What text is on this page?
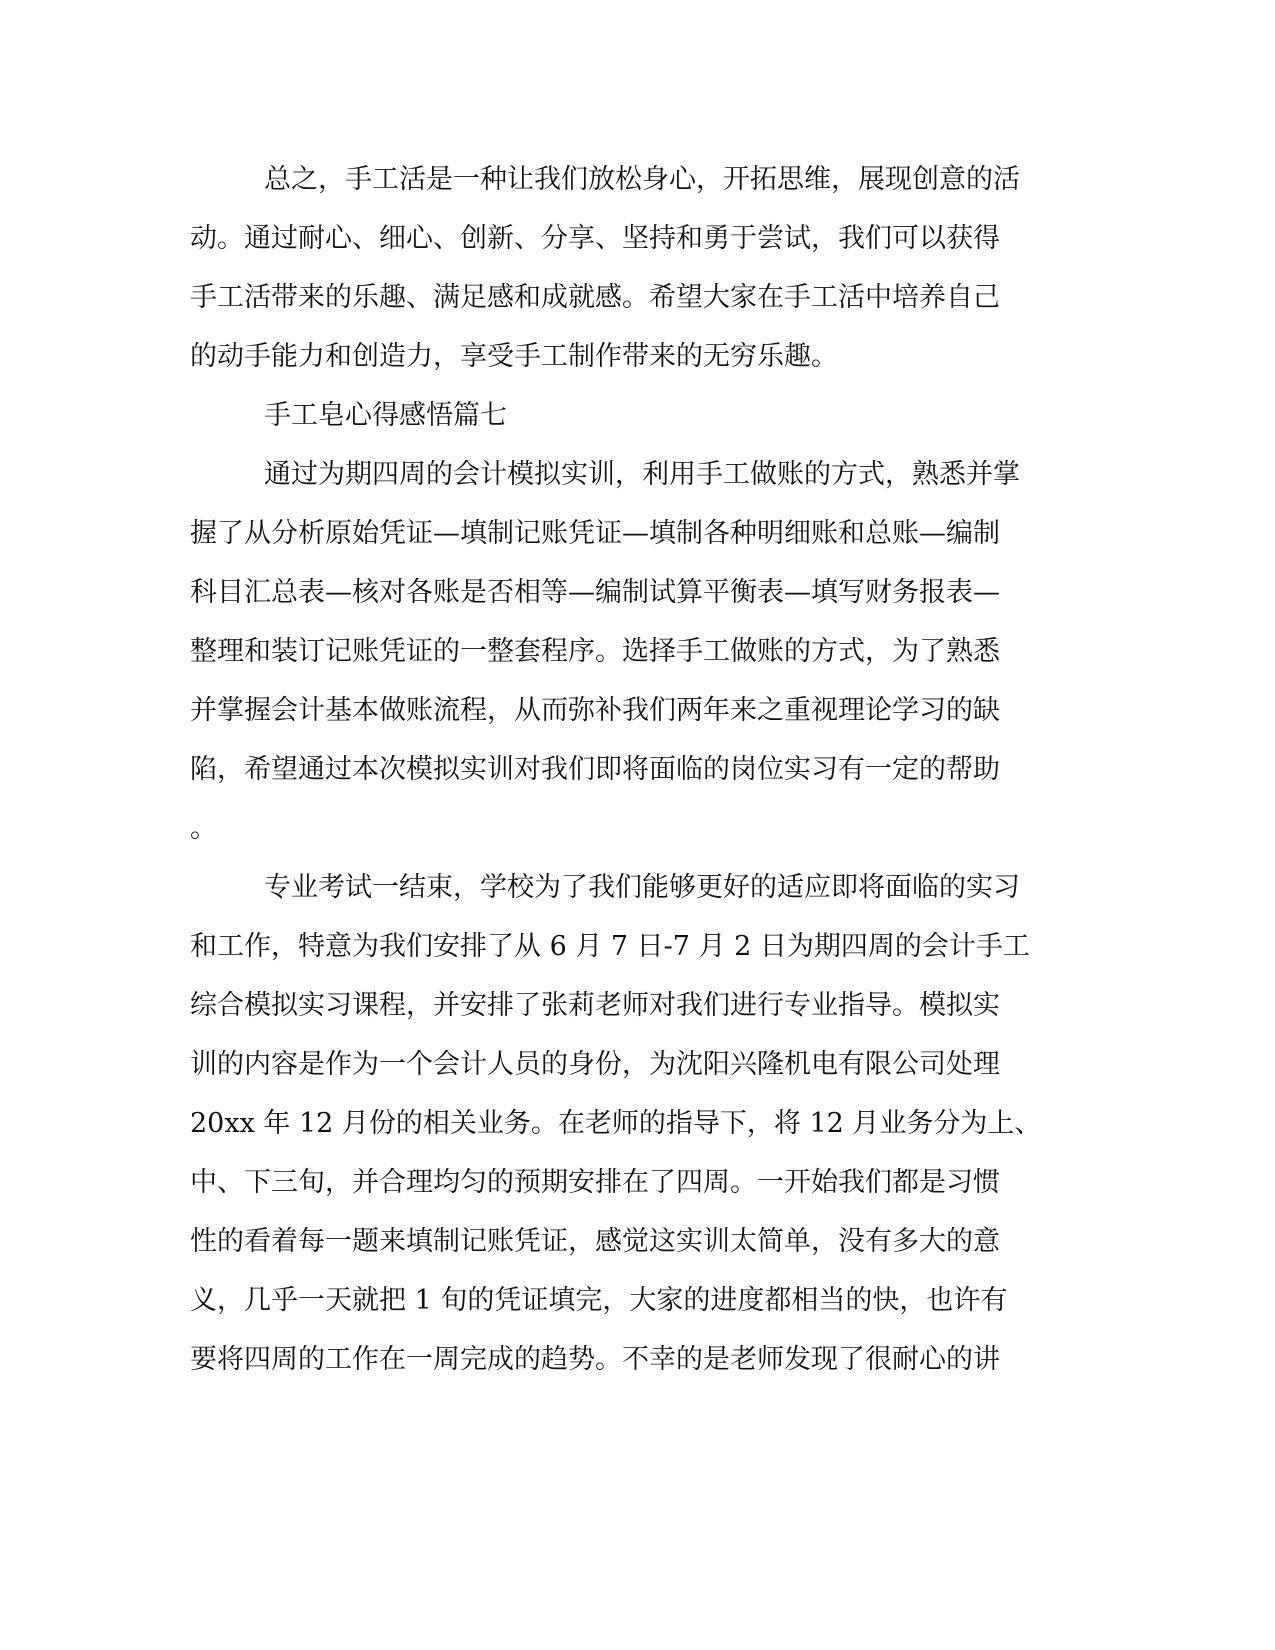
总之，手工活是一种让我们放松身心，开拓思维，展现创意的活
动。通过耐心、细心、创新、分享、坚持和勇于尝试，我们可以获得
手工活带来的乐趣、满足感和成就感。希望大家在手工活中培养自己
的动手能力和创造力，享受手工制作带来的无穷乐趣。
手工皂心得感悟篇七
通过为期四周的会计模拟实训，利用手工做账的方式，熟悉并掌
握了从分析原始凭证—填制记账凭证—填制各种明细账和总账—编制
科目汇总表—核对各账是否相等—编制试算平衡表—填写财务报表—
整理和装订记账凭证的一整套程序。选择手工做账的方式，为了熟悉
并掌握会计基本做账流程，从而弥补我们两年来之重视理论学习的缺
陷，希望通过本次模拟实训对我们即将面临的岗位实习有一定的帮助
。
专业考试一结束，学校为了我们能够更好的适应即将面临的实习
和工作，特意为我们安排了从 6 月 7 日-7 月 2 日为期四周的会计手工
综合模拟实习课程，并安排了张莉老师对我们进行专业指导。模拟实
训的内容是作为一个会计人员的身份，为沈阳兴隆机电有限公司处理
20xx 年 12 月份的相关业务。在老师的指导下，将 12 月业务分为上、
中、下三旬，并合理均匀的预期安排在了四周。一开始我们都是习惯
性的看着每一题来填制记账凭证，感觉这实训太简单，没有多大的意
义，几乎一天就把 1 旬的凭证填完，大家的进度都相当的快，也许有
要将四周的工作在一周完成的趋势。不幸的是老师发现了很耐心的讲
